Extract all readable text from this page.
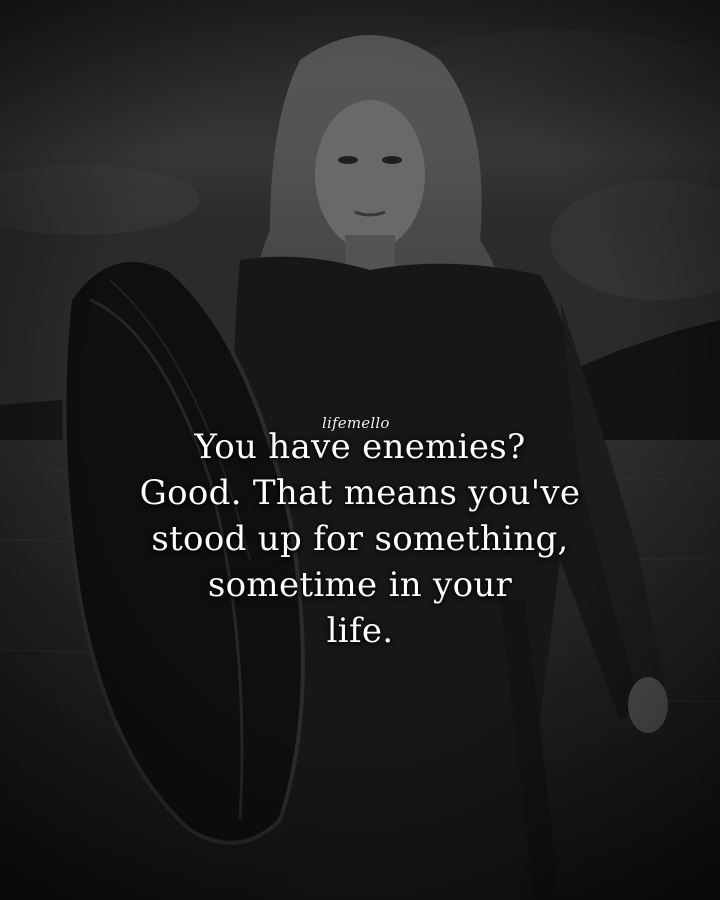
lifemello

You have enemies?
Good. That means you've
stood up for something,
sometime in your
life.
